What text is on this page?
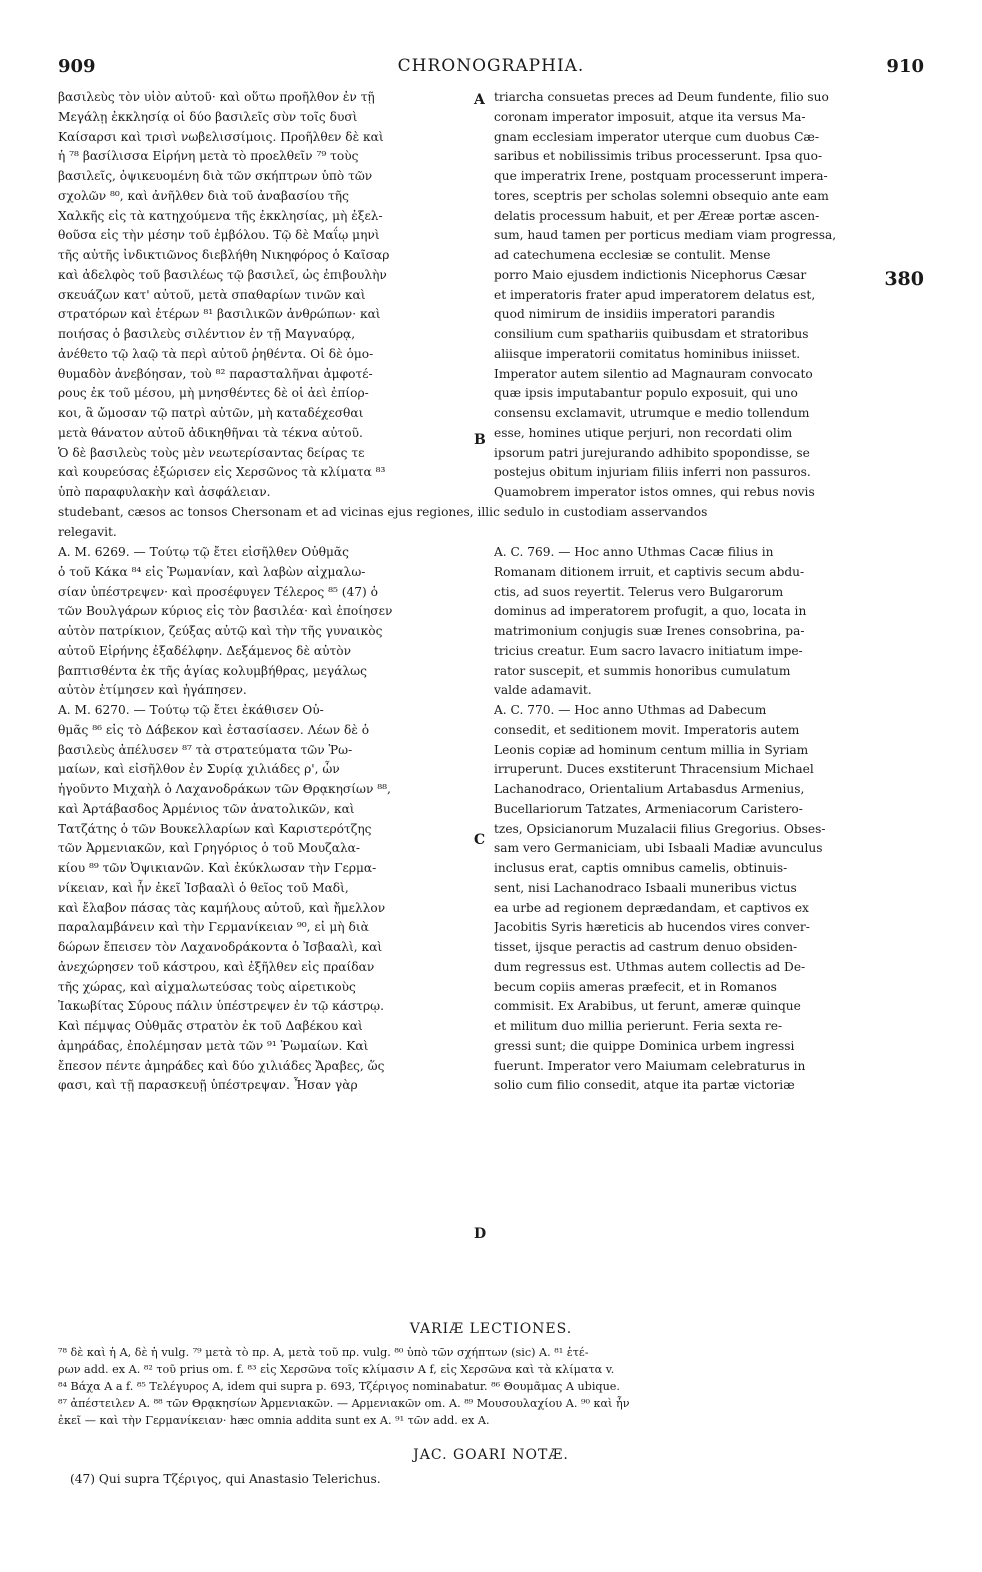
909	CHRONOGRAPHIA.	910
A
B
C
D
380
βασιλεὺς τὸν υἱὸν αὐτοῦ· καὶ οὕτω προῆλθον ἐν τῇ
Μεγάλῃ ἐκκλησίᾳ οἱ δύο βασιλεῖς σὺν τοῖς δυσὶ
Καίσαρσι καὶ τρισὶ νωβελισσίμοις. Προῆλθεν δὲ καὶ
ἡ ⁷⁸ βασίλισσα Εἰρήνη μετὰ τὸ προελθεῖν ⁷⁹ τοὺς
βασιλεῖς, ὀψικευομένη διὰ τῶν σκήπτρων ὑπὸ τῶν
σχολῶν ⁸⁰, καὶ ἀνῆλθεν διὰ τοῦ ἀναβασίου τῆς
Χαλκῆς εἰς τὰ κατηχούμενα τῆς ἐκκλησίας, μὴ ἐξελ-
θοῦσα εἰς τὴν μέσην τοῦ ἐμβόλου. Τῷ δὲ Μαΐῳ μηνὶ
τῆς αὐτῆς ἰνδικτιῶνος διεβλήθη Νικηφόρος ὁ Καῖσαρ
καὶ ἀδελφὸς τοῦ βασιλέως τῷ βασιλεῖ, ὡς ἐπιβουλὴν
σκευάζων κατ' αὐτοῦ, μετὰ σπαθαρίων τινῶν καὶ
στρατόρων καὶ ἑτέρων ⁸¹ βασιλικῶν ἀνθρώπων· καὶ
ποιήσας ὁ βασιλεὺς σιλέντιον ἐν τῇ Μαγναύρᾳ,
ἀνέθετο τῷ λαῷ τὰ περὶ αὐτοῦ ῥηθέντα. Οἱ δὲ ὁμο-
θυμαδὸν ἀνεβόησαν, τοὺ ⁸² παρασταλῆναι ἀμφοτέ-
ρους ἐκ τοῦ μέσου, μὴ μνησθέντες δὲ οἱ ἀεὶ ἐπίορ-
κοι, ἃ ὤμοσαν τῷ πατρὶ αὐτῶν, μὴ καταδέχεσθαι
μετὰ θάνατον αὐτοῦ ἀδικηθῆναι τὰ τέκνα αὐτοῦ.
Ὁ δὲ βασιλεὺς τοὺς μὲν νεωτερίσαντας δείρας τε
καὶ κουρεύσας ἐξώρισεν εἰς Χερσῶνος τὰ κλίματα ⁸³
ὑπὸ παραφυλακὴν καὶ ἀσφάλειαν.
triarcha consuetas preces ad Deum fundente, filio suo
coronam imperator imposuit, atque ita versus Ma-
gnam ecclesiam imperator uterque cum duobus Cæ-
saribus et nobilissimis tribus processerunt. Ipsa quo-
que imperatrix Irene, postquam processerunt impera-
tores, sceptris per scholas solemni obsequio ante eam
delatis processum habuit, et per Æreæ portæ ascen-
sum, haud tamen per porticus mediam viam progressa,
ad catechumena ecclesiæ se contulit. Mense
porro Maio ejusdem indictionis Nicephorus Cæsar
et imperatoris frater apud imperatorem delatus est,
quod nimirum de insidiis imperatori parandis
consilium cum spathariis quibusdam et stratoribus
aliisque imperatorii comitatus hominibus iniisset.
Imperator autem silentio ad Magnauram convocato
quæ ipsis imputabantur populo exposuit, qui uno
consensu exclamavit, utrumque e medio tollendum
esse, homines utique perjuri, non recordati olim
ipsorum patri jurejurando adhibito spopondisse, se
postejus obitum injuriam filiis inferri non passuros.
Quamobrem imperator istos omnes, qui rebus novis
studebant, cæsos ac tonsos Chersonam et ad vicinas ejus regiones, illic sedulo in custodiam asservandos
relegavit.
Α. Μ. 6269. — Τούτῳ τῷ ἔτει εἰσῆλθεν Οὐθμᾶς
ὁ τοῦ Κάκα ⁸⁴ εἰς Ῥωμανίαν, καὶ λαβὼν αἰχμαλω-
σίαν ὑπέστρεψεν· καὶ προσέφυγεν Τέλερος ⁸⁵ (47) ὁ
τῶν Βουλγάρων κύριος εἰς τὸν βασιλέα· καὶ ἐποίησεν
αὐτὸν πατρίκιον, ζεύξας αὐτῷ καὶ τὴν τῆς γυναικὸς
αὐτοῦ Εἰρήνης ἐξαδέλφην. Δεξάμενος δὲ αὐτὸν
βαπτισθέντα ἐκ τῆς ἁγίας κολυμβήθρας, μεγάλως
αὐτὸν ἐτίμησεν καὶ ἠγάπησεν.
Α. Μ. 6270. — Τούτῳ τῷ ἔτει ἐκάθισεν Οὐ-
θμᾶς ⁸⁶ εἰς τὸ Δάβεκον καὶ ἐστασίασεν. Λέων δὲ ὁ
βασιλεὺς ἀπέλυσεν ⁸⁷ τὰ στρατεύματα τῶν Ῥω-
μαίων, καὶ εἰσῆλθον ἐν Συρίᾳ χιλιάδες ρ', ὧν
ἡγοῦντο Μιχαὴλ ὁ Λαχανοδράκων τῶν Θρᾳκησίων ⁸⁸,
καὶ Ἀρτάβασδος Ἀρμένιος τῶν ἀνατολικῶν, καὶ
Τατζάτης ὁ τῶν Βουκελλαρίων καὶ Καριστερότζης
τῶν Ἀρμενιακῶν, καὶ Γρηγόριος ὁ τοῦ Μουζαλα-
κίου ⁸⁹ τῶν Ὀψικιανῶν. Καὶ ἐκύκλωσαν τὴν Γερμα-
νίκειαν, καὶ ἦν ἐκεῖ Ἰσβααλὶ ὁ θεῖος τοῦ Μαδὶ,
καὶ ἔλαβον πάσας τὰς καμήλους αὐτοῦ, καὶ ἤμελλον
παραλαμβάνειν καὶ τὴν Γερμανίκειαν ⁹⁰, εἰ μὴ διὰ
δώρων ἔπεισεν τὸν Λαχανοδράκοντα ὁ Ἰσβααλὶ, καὶ
ἀνεχώρησεν τοῦ κάστρου, καὶ ἐξῆλθεν εἰς πραίδαν
τῆς χώρας, καὶ αἰχμαλωτεύσας τοὺς αἱρετικοὺς
Ἰακωβίτας Σύρους πάλιν ὑπέστρεψεν ἐν τῷ κάστρῳ.
Καὶ πέμψας Οὐθμᾶς στρατὸν ἐκ τοῦ Δαβέκου καὶ
ἀμηράδας, ἐπολέμησαν μετὰ τῶν ⁹¹ Ῥωμαίων. Καὶ
ἔπεσον πέντε ἀμηράδες καὶ δύο χιλιάδες Ἄραβες, ὥς
φασι, καὶ τῇ παρασκευῇ ὑπέστρεψαν. Ἦσαν γὰρ
A. C. 769. — Hoc anno Uthmas Cacæ filius in
Romanam ditionem irruit, et captivis secum abdu-
ctis, ad suos reyertit. Telerus vero Bulgarorum
dominus ad imperatorem profugit, a quo, locata in
matrimonium conjugis suæ Irenes consobrina, pa-
tricius creatur. Eum sacro lavacro initiatum impe-
rator suscepit, et summis honoribus cumulatum
valde adamavit.
A. C. 770. — Hoc anno Uthmas ad Dabecum
consedit, et seditionem movit. Imperatoris autem
Leonis copiæ ad hominum centum millia in Syriam
irruperunt. Duces exstiterunt Thracensium Michael
Lachanodraco, Orientalium Artabasdus Armenius,
Bucellariorum Tatzates, Armeniacorum Caristero-
tzes, Opsicianorum Muzalacii filius Gregorius. Obses-
sam vero Germaniciam, ubi Isbaali Madiæ avunculus
inclusus erat, captis omnibus camelis, obtinuis-
sent, nisi Lachanodraco Isbaali muneribus victus
ea urbe ad regionem deprædandam, et captivos ex
Jacobitis Syris hæreticis ab hucendos vires conver-
tisset, ijsque peractis ad castrum denuo obsiden-
dum regressus est. Uthmas autem collectis ad De-
becum copiis ameras præfecit, et in Romanos
commisit. Ex Arabibus, ut ferunt, ameræ quinque
et militum duo millia perierunt. Feria sexta re-
gressi sunt; die quippe Dominica urbem ingressi
fuerunt. Imperator vero Maiumam celebraturus in
solio cum filio consedit, atque ita partæ victoriæ
VARIÆ LECTIONES.
⁷⁸ δὲ καὶ ἡ A, δὲ ἡ vulg. ⁷⁹ μετὰ τὸ πρ. A, μετὰ τοῦ πρ. vulg. ⁸⁰ ὑπὸ τῶν σχήπτων (sic) A. ⁸¹ ἑτέ-
ρων add. ex A. ⁸² τοῦ prius om. f. ⁸³ εἰς Χερσῶνα τοῖς κλίμασιν A f, εἰς Χερσῶνα καὶ τὰ κλίματα v.
⁸⁴ Βάχα A a f. ⁸⁵ Τελέγυρος A, idem qui supra p. 693, Τζέριγος nominabatur. ⁸⁶ Θουμᾶμας A ubique.
⁸⁷ ἀπέστειλεν A. ⁸⁸ τῶν Θρᾳκησίων Ἀρμενιακῶν. — Αρμενιακῶν om. A. ⁸⁹ Μουσουλαχίου A. ⁹⁰ καὶ ἦν
ἐκεῖ — καὶ τὴν Γερμανίκειαν· hæc omnia addita sunt ex A. ⁹¹ τῶν add. ex A.
JAC. GOARI NOTÆ.
(47) Qui supra Τζέριγος, qui Anastasio Telerichus.
